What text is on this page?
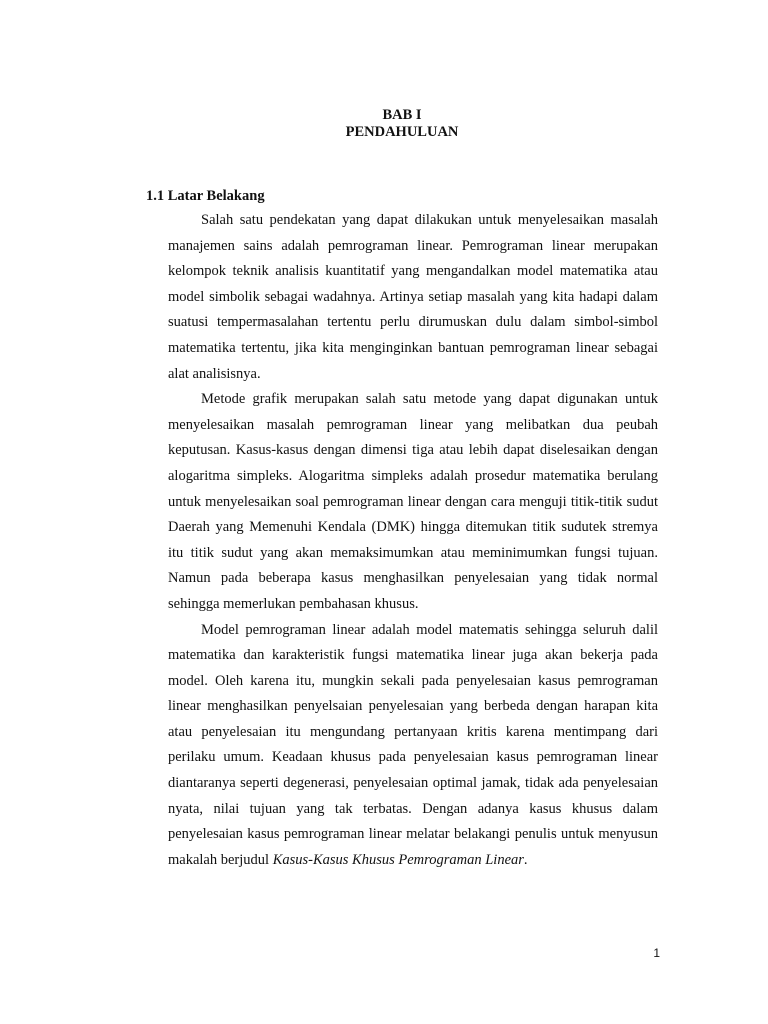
BAB I
PENDAHULUAN
1.1 Latar Belakang

Salah satu pendekatan yang dapat dilakukan untuk menyelesaikan masalah manajemen sains adalah pemrograman linear. Pemrograman linear merupakan kelompok teknik analisis kuantitatif yang mengandalkan model matematika atau model simbolik sebagai wadahnya. Artinya setiap masalah yang kita hadapi dalam suatusi tempermasalahan tertentu perlu dirumuskan dulu dalam simbol-simbol matematika tertentu, jika kita menginginkan bantuan pemrograman linear sebagai alat analisisnya.

Metode grafik merupakan salah satu metode yang dapat digunakan untuk menyelesaikan masalah pemrograman linear yang melibatkan dua peubah keputusan. Kasus-kasus dengan dimensi tiga atau lebih dapat diselesaikan dengan alogaritma simpleks. Alogaritma simpleks adalah prosedur matematika berulang untuk menyelesaikan soal pemrograman linear dengan cara menguji titik-titik sudut Daerah yang Memenuhi Kendala (DMK) hingga ditemukan titik sudutek stremya itu titik sudut yang akan memaksimumkan atau meminimumkan fungsi tujuan. Namun pada beberapa kasus menghasilkan penyelesaian yang tidak normal sehingga memerlukan pembahasan khusus.

Model pemrograman linear adalah model matematis sehingga seluruh dalil matematika dan karakteristik fungsi matematika linear juga akan bekerja pada model. Oleh karena itu, mungkin sekali pada penyelesaian kasus pemrograman linear menghasilkan penyelsaian penyelesaian yang berbeda dengan harapan kita atau penyelesaian itu mengundang pertanyaan kritis karena mentimpang dari perilaku umum. Keadaan khusus pada penyelesaian kasus pemrograman linear diantaranya seperti degenerasi, penyelesaian optimal jamak, tidak ada penyelesaian nyata, nilai tujuan yang tak terbatas. Dengan adanya kasus khusus dalam penyelesaian kasus pemrograman linear melatar belakangi penulis untuk menyusun makalah berjudul Kasus-Kasus Khusus Pemrograman Linear.

1
